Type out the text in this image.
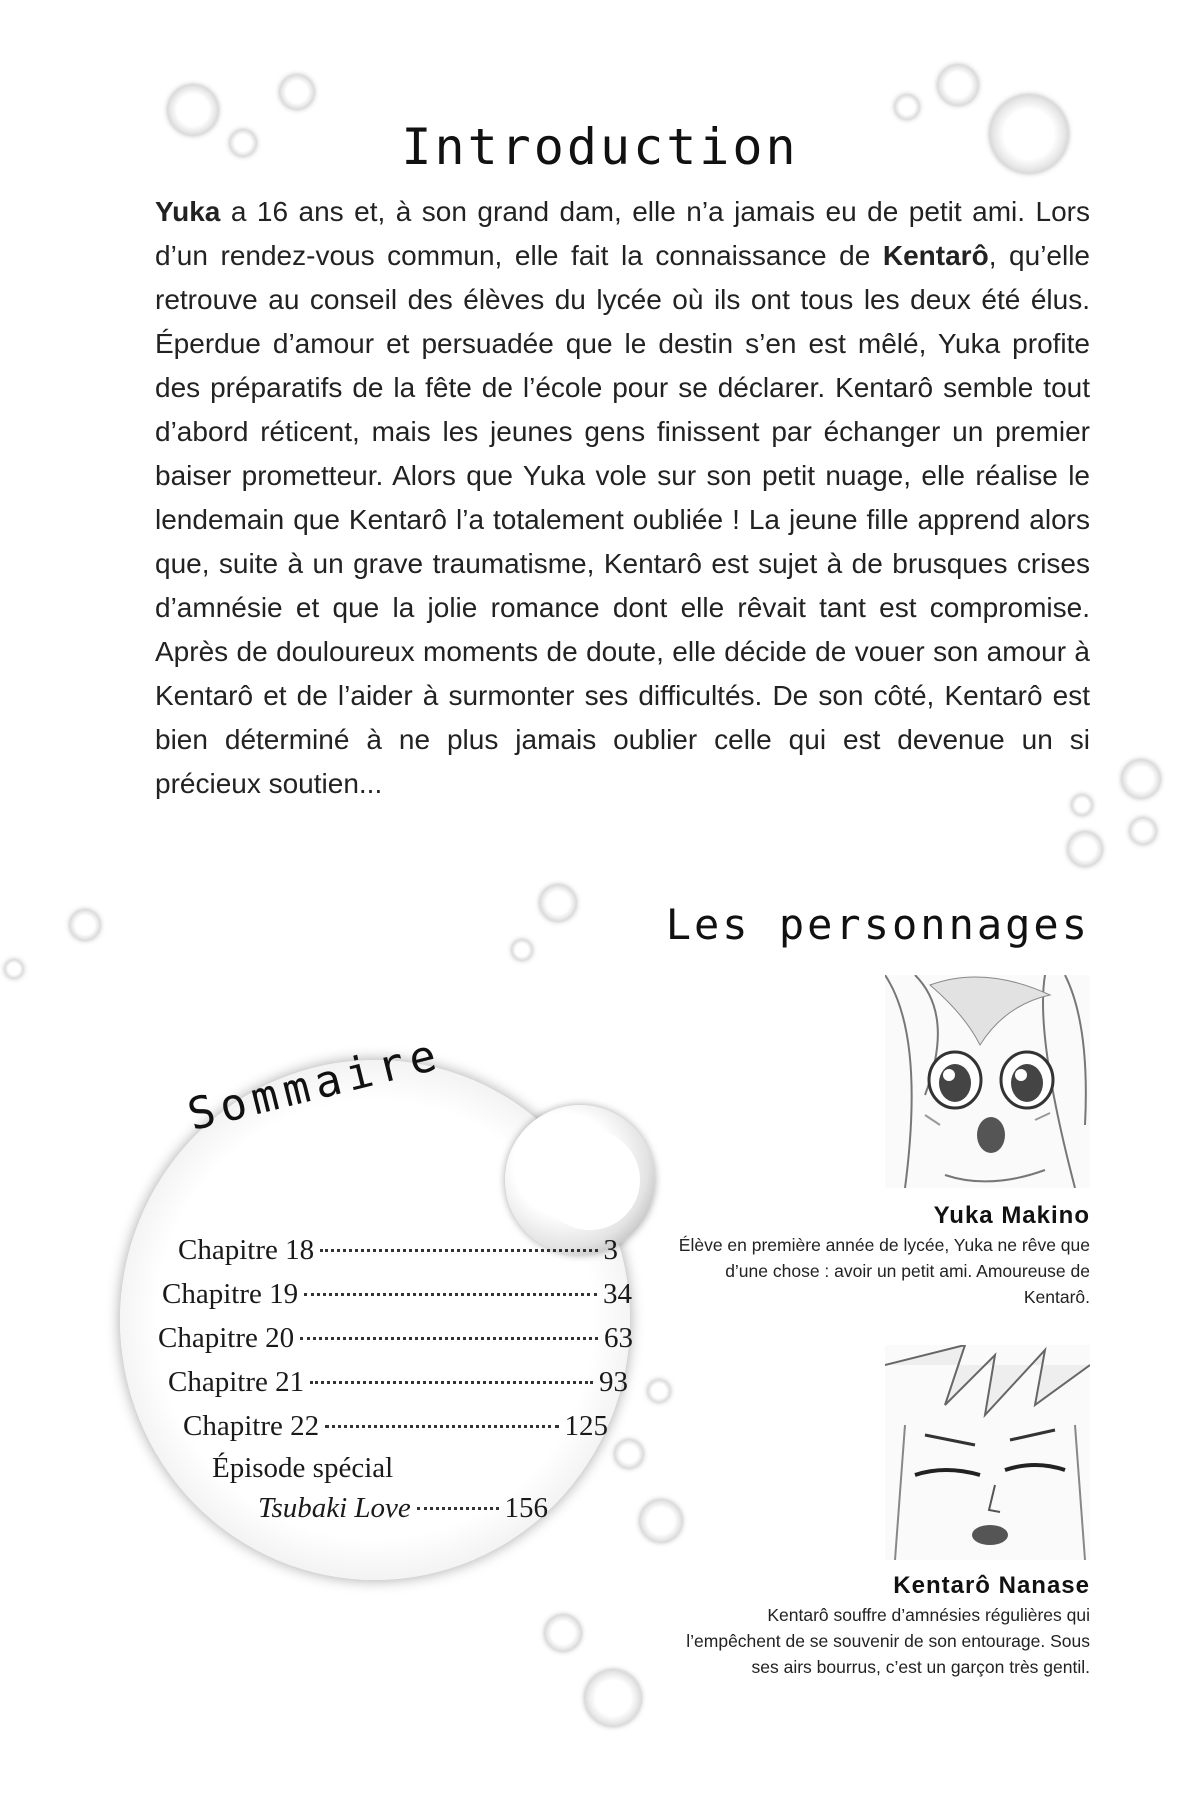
Introduction

Yuka a 16 ans et, à son grand dam, elle n’a jamais eu de petit ami. Lors d’un rendez-vous commun, elle fait la connaissance de Kentarô, qu’elle retrouve au conseil des élèves du lycée où ils ont tous les deux été élus. Éperdue d’amour et persuadée que le destin s’en est mêlé, Yuka profite des préparatifs de la fête de l’école pour se déclarer. Kentarô semble tout d’abord réticent, mais les jeunes gens finissent par échanger un premier baiser prometteur. Alors que Yuka vole sur son petit nuage, elle réalise le lendemain que Kentarô l’a totalement oubliée ! La jeune fille apprend alors que, suite à un grave traumatisme, Kentarô est sujet à de brusques crises d’amnésie et que la jolie romance dont elle rêvait tant est compromise. Après de douloureux moments de doute, elle décide de vouer son amour à Kentarô et de l’aider à surmonter ses difficultés. De son côté, Kentarô est bien déterminé à ne plus jamais oublier celle qui est devenue un si précieux soutien...

Les personnages
Yuka Makino
Élève en première année de lycée, Yuka ne rêve que d’une chose : avoir un petit ami. Amoureuse de Kentarô.
Kentarô Nanase
Kentarô souffre d’amnésies régulières qui l’empêchent de se souvenir de son entourage. Sous ses airs bourrus, c’est un garçon très gentil.
Sommaire
Chapitre 18	3
Chapitre 19	34
Chapitre 20	63
Chapitre 21	93
Chapitre 22	125
Épisode spécial
Tsubaki Love	156
